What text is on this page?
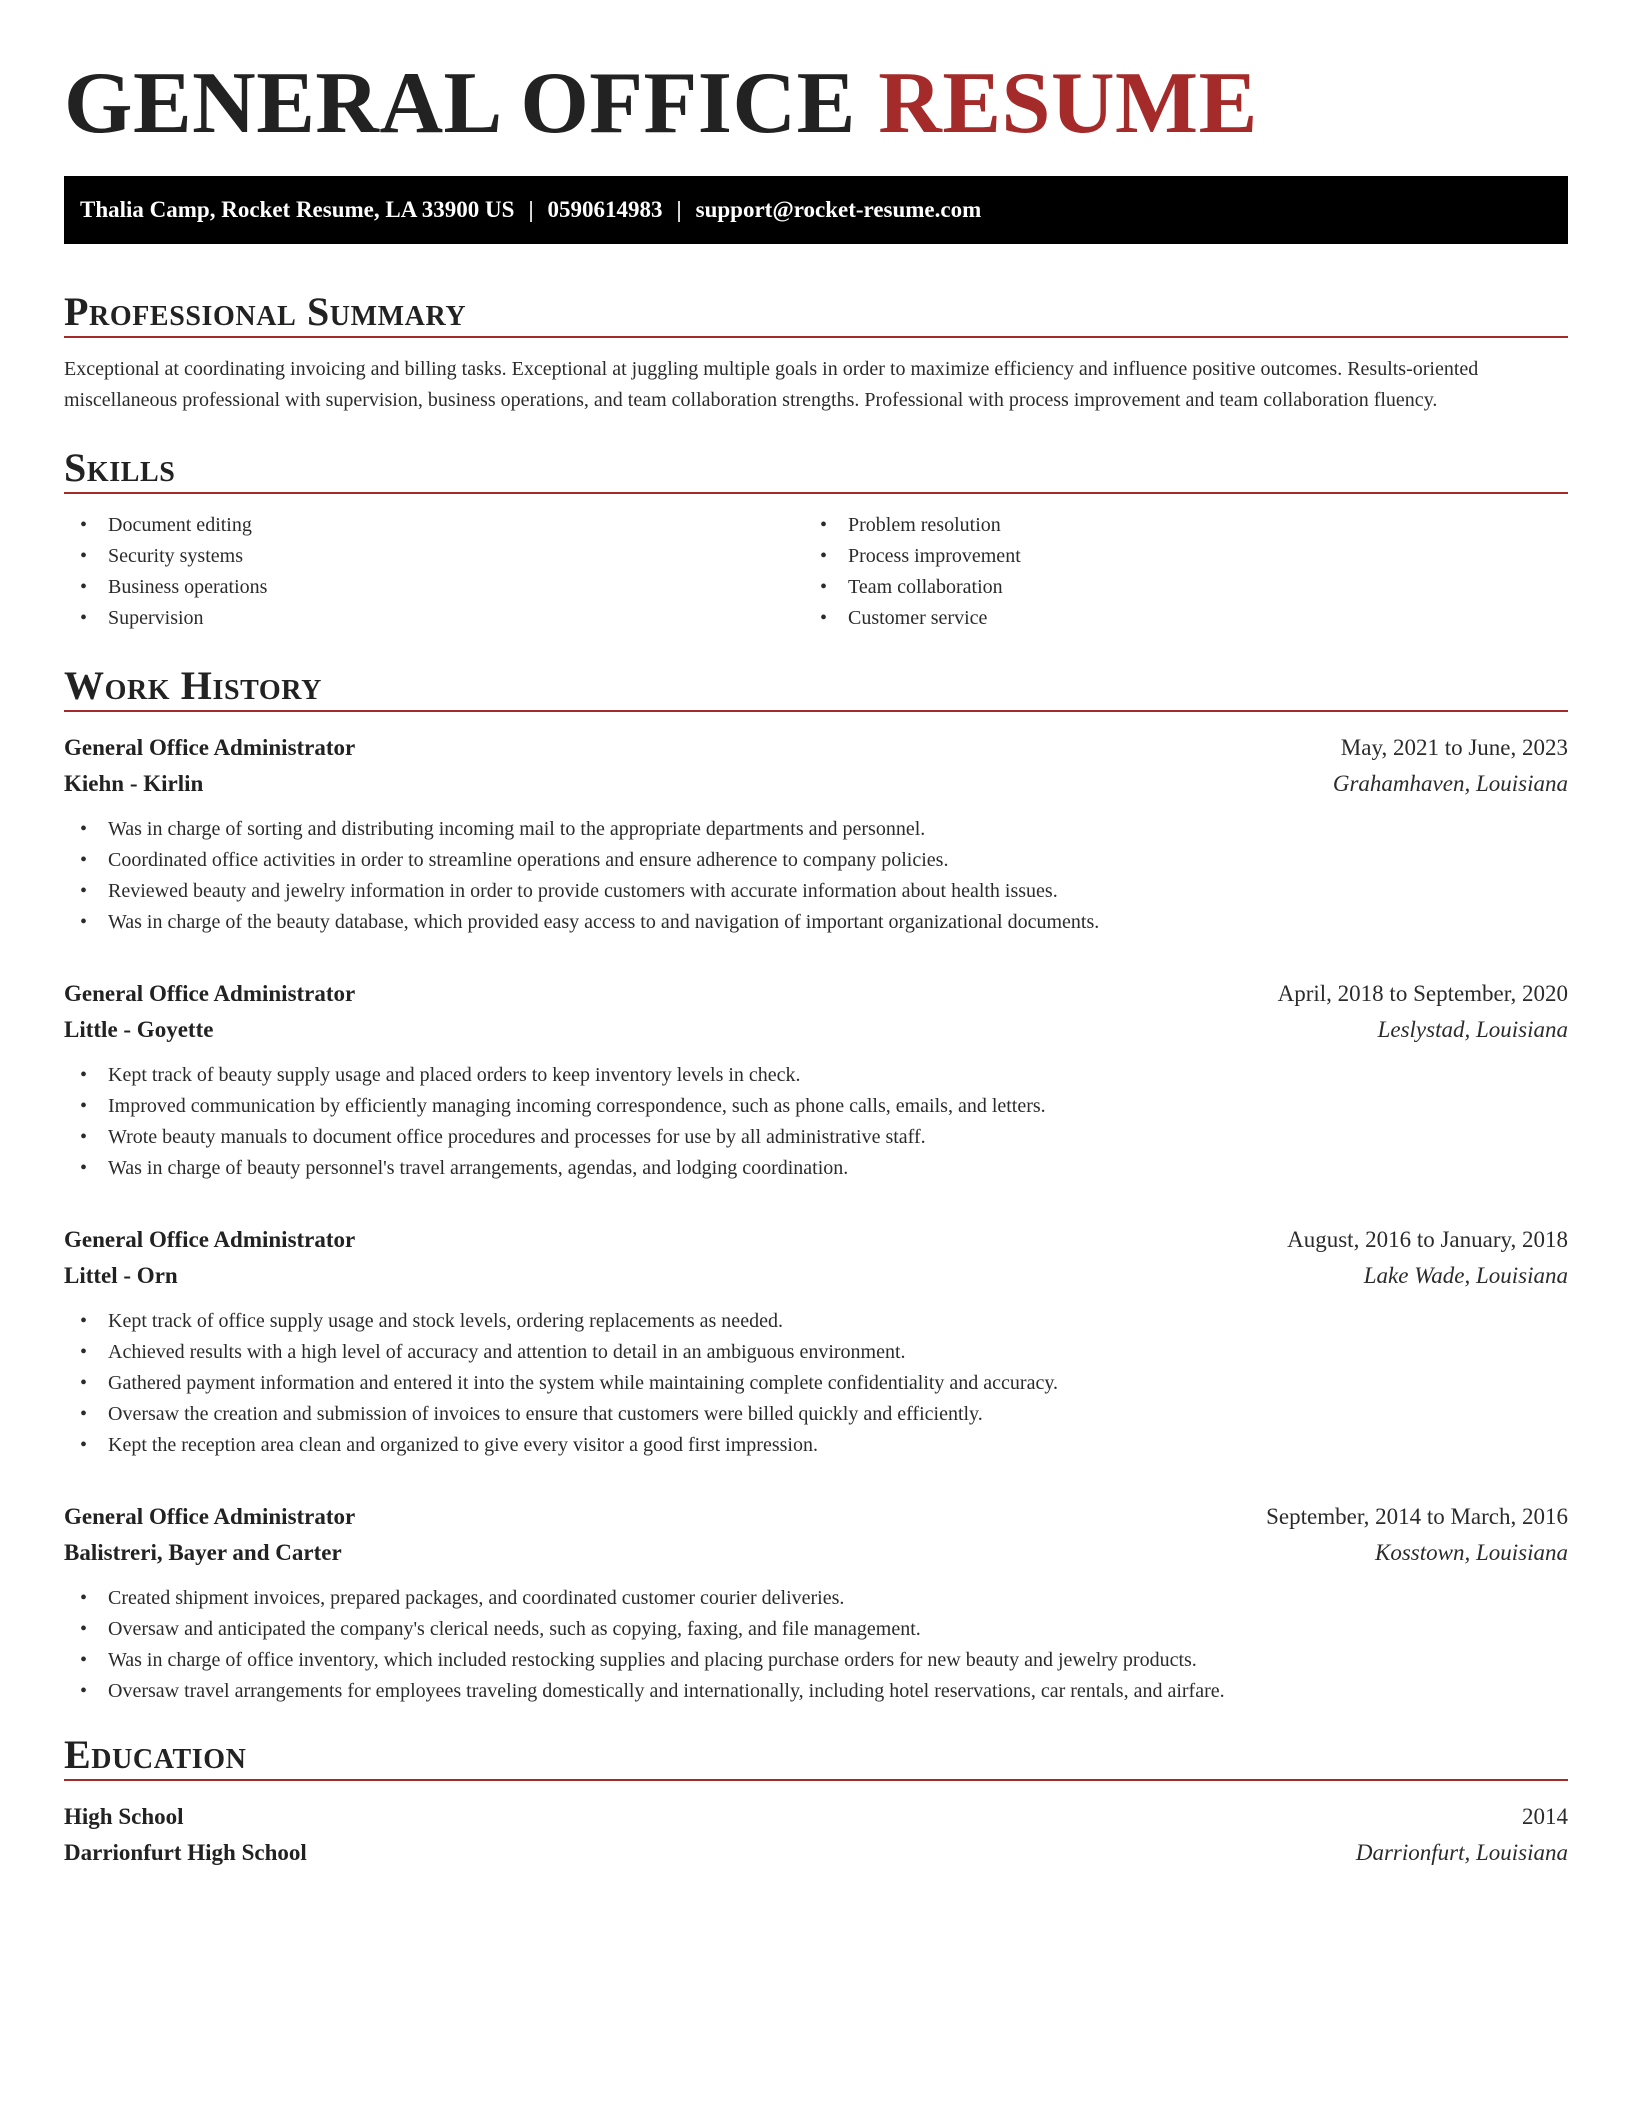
GENERAL OFFICE RESUME
Thalia Camp, Rocket Resume, LA 33900 US | 0590614983 | support@rocket-resume.com
Professional Summary

Exceptional at coordinating invoicing and billing tasks. Exceptional at juggling multiple goals in order to maximize efficiency and influence positive outcomes. Results-oriented miscellaneous professional with supervision, business operations, and team collaboration strengths. Professional with process improvement and team collaboration fluency.

Skills
• Document editing
• Security systems
• Business operations
• Supervision
• Problem resolution
• Process improvement
• Team collaboration
• Customer service
Work History
General Office Administrator	May, 2021 to June, 2023
Kiehn - Kirlin	Grahamhaven, Louisiana
• Was in charge of sorting and distributing incoming mail to the appropriate departments and personnel.
• Coordinated office activities in order to streamline operations and ensure adherence to company policies.
• Reviewed beauty and jewelry information in order to provide customers with accurate information about health issues.
• Was in charge of the beauty database, which provided easy access to and navigation of important organizational documents.
General Office Administrator	April, 2018 to September, 2020
Little - Goyette	Leslystad, Louisiana
• Kept track of beauty supply usage and placed orders to keep inventory levels in check.
• Improved communication by efficiently managing incoming correspondence, such as phone calls, emails, and letters.
• Wrote beauty manuals to document office procedures and processes for use by all administrative staff.
• Was in charge of beauty personnel's travel arrangements, agendas, and lodging coordination.
General Office Administrator	August, 2016 to January, 2018
Littel - Orn	Lake Wade, Louisiana
• Kept track of office supply usage and stock levels, ordering replacements as needed.
• Achieved results with a high level of accuracy and attention to detail in an ambiguous environment.
• Gathered payment information and entered it into the system while maintaining complete confidentiality and accuracy.
• Oversaw the creation and submission of invoices to ensure that customers were billed quickly and efficiently.
• Kept the reception area clean and organized to give every visitor a good first impression.
General Office Administrator	September, 2014 to March, 2016
Balistreri, Bayer and Carter	Kosstown, Louisiana
• Created shipment invoices, prepared packages, and coordinated customer courier deliveries.
• Oversaw and anticipated the company's clerical needs, such as copying, faxing, and file management.
• Was in charge of office inventory, which included restocking supplies and placing purchase orders for new beauty and jewelry products.
• Oversaw travel arrangements for employees traveling domestically and internationally, including hotel reservations, car rentals, and airfare.
Education
High School	2014
Darrionfurt High School	Darrionfurt, Louisiana
